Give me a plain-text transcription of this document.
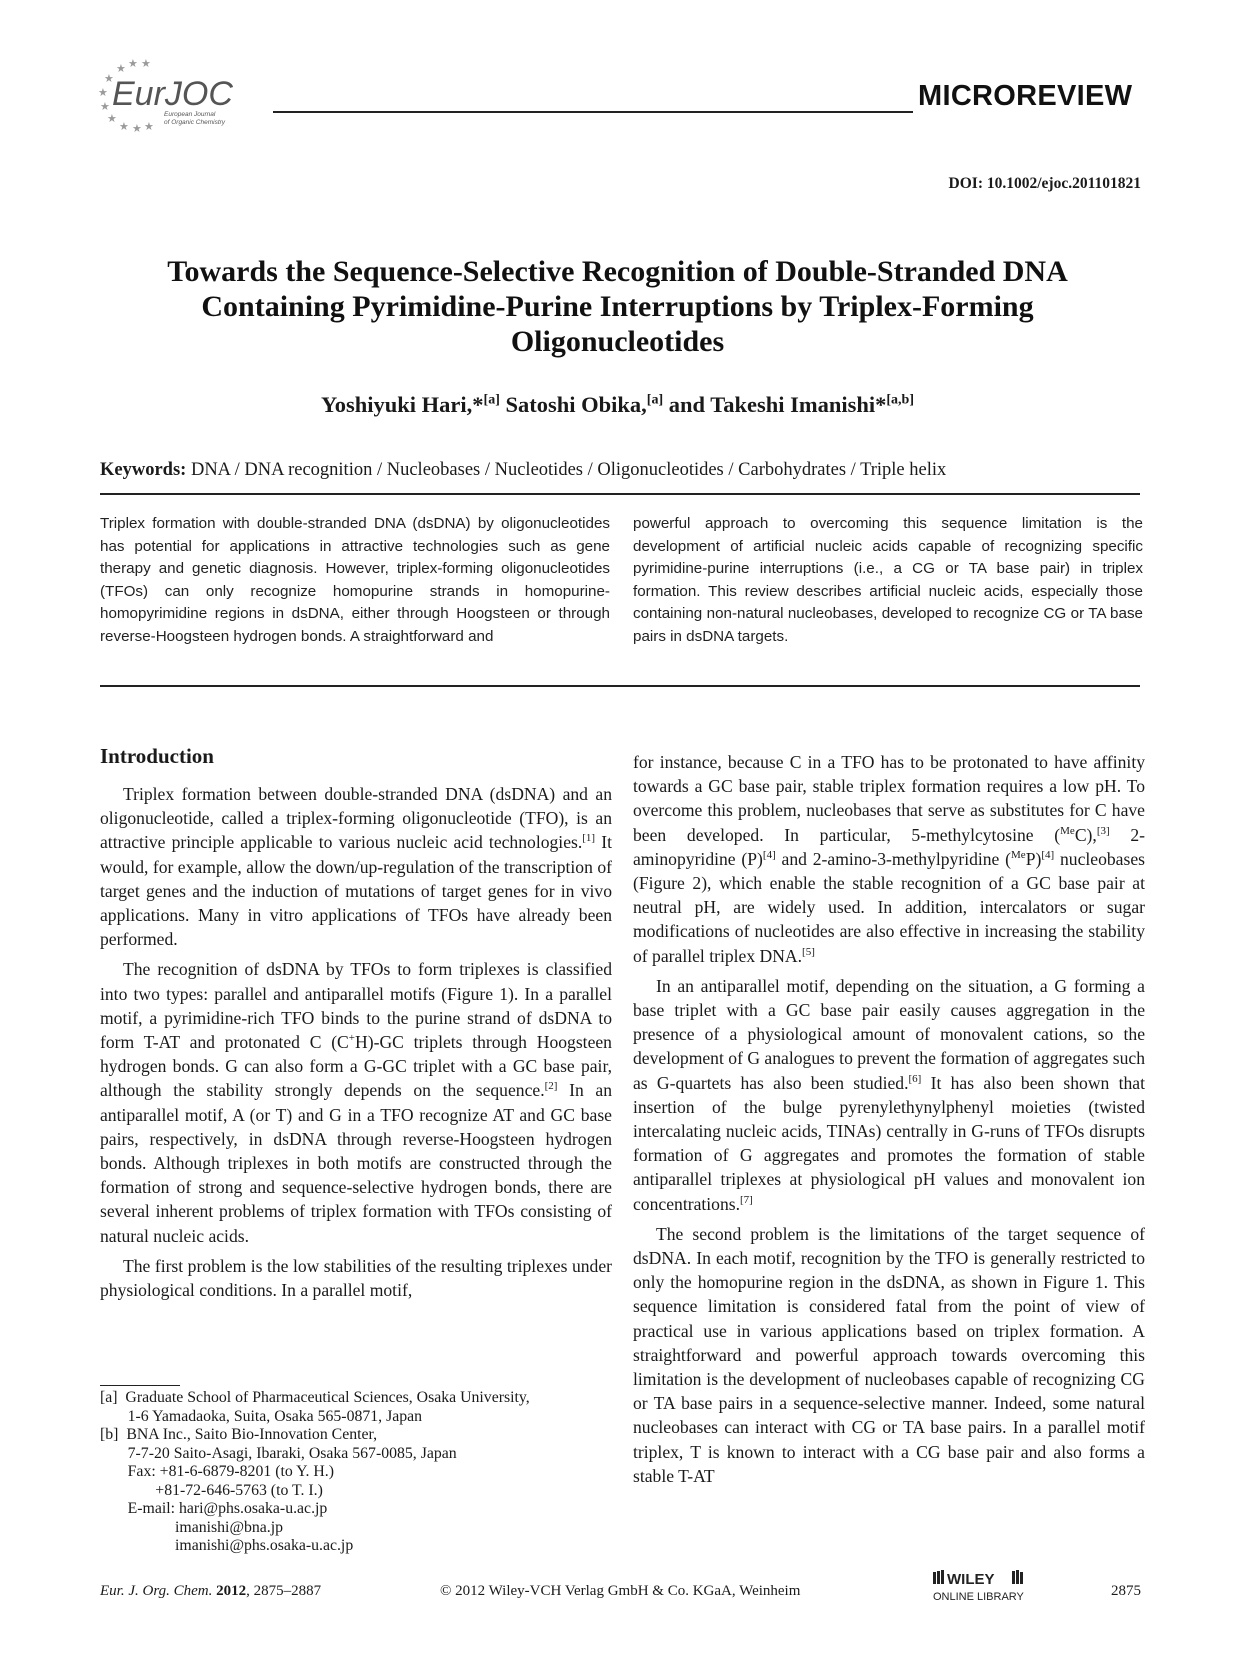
★ ★ ★
★
★
★
★
★ ★ ★
EurJOC
European Journal
of Organic Chemistry
MICROREVIEW
DOI: 10.1002/ejoc.201101821
Towards the Sequence-Selective Recognition of Double-Stranded DNA
Containing Pyrimidine-Purine Interruptions by Triplex-Forming
Oligonucleotides
Yoshiyuki Hari,*[a] Satoshi Obika,[a] and Takeshi Imanishi*[a,b]
Keywords: DNA / DNA recognition / Nucleobases / Nucleotides / Oligonucleotides / Carbohydrates / Triple helix
Triplex formation with double-stranded DNA (dsDNA) by oligonucleotides has potential for applications in attractive technologies such as gene therapy and genetic diagnosis. However, triplex-forming oligonucleotides (TFOs) can only recognize homopurine strands in homopurine-homopyrimidine regions in dsDNA, either through Hoogsteen or through reverse-Hoogsteen hydrogen bonds. A straightforward and
powerful approach to overcoming this sequence limitation is the development of artificial nucleic acids capable of recognizing specific pyrimidine-purine interruptions (i.e., a CG or TA base pair) in triplex formation. This review describes artificial nucleic acids, especially those containing non-natural nucleobases, developed to recognize CG or TA base pairs in dsDNA targets.
Introduction

Triplex formation between double-stranded DNA (dsDNA) and an oligonucleotide, called a triplex-forming oligonucleotide (TFO), is an attractive principle applicable to various nucleic acid technologies.[1] It would, for example, allow the down/up-regulation of the transcription of target genes and the induction of mutations of target genes for in vivo applications. Many in vitro applications of TFOs have already been performed.

The recognition of dsDNA by TFOs to form triplexes is classified into two types: parallel and antiparallel motifs (Figure 1). In a parallel motif, a pyrimidine-rich TFO binds to the purine strand of dsDNA to form T-AT and protonated C (C+H)-GC triplets through Hoogsteen hydrogen bonds. G can also form a G-GC triplet with a GC base pair, although the stability strongly depends on the sequence.[2] In an antiparallel motif, A (or T) and G in a TFO recognize AT and GC base pairs, respectively, in dsDNA through reverse-Hoogsteen hydrogen bonds. Although triplexes in both motifs are constructed through the formation of strong and sequence-selective hydrogen bonds, there are several inherent problems of triplex formation with TFOs consisting of natural nucleic acids.

The first problem is the low stabilities of the resulting triplexes under physiological conditions. In a parallel motif,

for instance, because C in a TFO has to be protonated to have affinity towards a GC base pair, stable triplex formation requires a low pH. To overcome this problem, nucleobases that serve as substitutes for C have been developed. In particular, 5-methylcytosine ($^{Me}$C),[3] 2-aminopyridine (P)[4] and 2-amino-3-methylpyridine ($^{Me}$P)[4] nucleobases (Figure 2), which enable the stable recognition of a GC base pair at neutral pH, are widely used. In addition, intercalators or sugar modifications of nucleotides are also effective in increasing the stability of parallel triplex DNA.[5]

In an antiparallel motif, depending on the situation, a G forming a base triplet with a GC base pair easily causes aggregation in the presence of a physiological amount of monovalent cations, so the development of G analogues to prevent the formation of aggregates such as G-quartets has also been studied.[6] It has also been shown that insertion of the bulge pyrenylethynylphenyl moieties (twisted intercalating nucleic acids, TINAs) centrally in G-runs of TFOs disrupts formation of G aggregates and promotes the formation of stable antiparallel triplexes at physiological pH values and monovalent ion concentrations.[7]

The second problem is the limitations of the target sequence of dsDNA. In each motif, recognition by the TFO is generally restricted to only the homopurine region in the dsDNA, as shown in Figure 1. This sequence limitation is considered fatal from the point of view of practical use in various applications based on triplex formation. A straightforward and powerful approach towards overcoming this limitation is the development of nucleobases capable of recognizing CG or TA base pairs in a sequence-selective manner. Indeed, some natural nucleobases can interact with CG or TA base pairs. In a parallel motif triplex, T is known to interact with a CG base pair and also forms a stable T-AT

[a]  Graduate School of Pharmaceutical Sciences, Osaka University,
1-6 Yamadaoka, Suita, Osaka 565-0871, Japan
[b]  BNA Inc., Saito Bio-Innovation Center,
7-7-20 Saito-Asagi, Ibaraki, Osaka 567-0085, Japan
Fax: +81-6-6879-8201 (to Y. H.)
+81-72-646-5763 (to T. I.)
E-mail: hari@phs.osaka-u.ac.jp
imanishi@bna.jp
imanishi@phs.osaka-u.ac.jp
Eur. J. Org. Chem. 2012, 2875–2887	© 2012 Wiley-VCH Verlag GmbH & Co. KGaA, Weinheim
WILEY
ONLINE LIBRARY	2875
